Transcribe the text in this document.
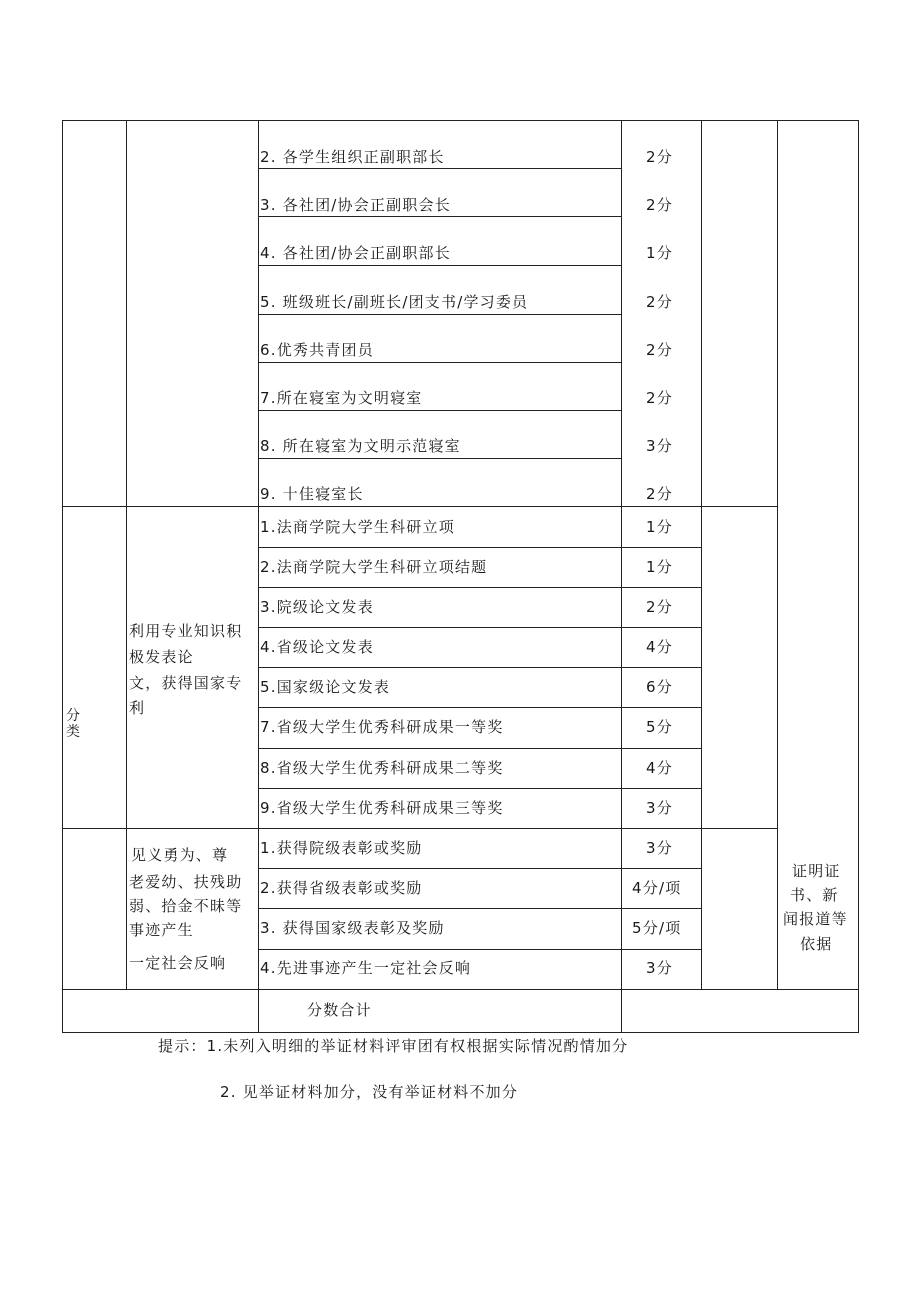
2. 各学生组织正副职部长	2分
3. 各社团/协会正副职会长	2分
4. 各社团/协会正副职部长	1分
5. 班级班长/副班长/团支书/学习委员	2分
6.优秀共青团员	2分
7.所在寝室为文明寝室	2分
8. 所在寝室为文明示范寝室	3分
9. 十佳寝室长	2分
分
类
利用专业知识积
极发表论
文，获得国家专
利
1.法商学院大学生科研立项	1分
2.法商学院大学生科研立项结题	1分
3.院级论文发表	2分
4.省级论文发表	4分
5.国家级论文发表	6分
7.省级大学生优秀科研成果一等奖	5分
8.省级大学生优秀科研成果二等奖	4分
9.省级大学生优秀科研成果三等奖	3分
见义勇为、尊
老爱幼、扶残助
弱、拾金不昧等
事迹产生
一定社会反响
1.获得院级表彰或奖励	3分
2.获得省级表彰或奖励	4分/项
3. 获得国家级表彰及奖励	5分/项
4.先进事迹产生一定社会反响	3分
证明证
书、新
闻报道等
依据
分数合计
提示：1.未列入明细的举证材料评审团有权根据实际情况酌情加分
2. 见举证材料加分，没有举证材料不加分
